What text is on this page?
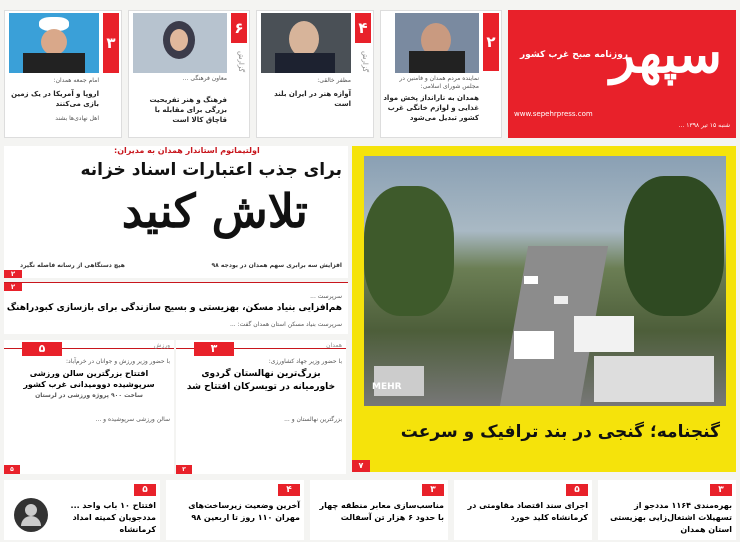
سپهر
روزنامه صبح غرب کشور
www.sepehrpress.com
شنبه ۱۵ تیر ۱۳۹۸ ...
۲
نماینده مردم همدان و فامنین در مجلس شورای اسلامی:
همدان به نارانداز پخش مواد غذایی و لوازم خانگی غرب کشور تبدیل می‌شود
۴
گزارش
مظفر خالقی:
آوازه هنر در ایران بلند است
۶
گزارش
معاون فرهنگی ...
فرهنگ و هنر تفریحیت بزرگی برای مقابله با قاچاق کالا است
۳
امام جمعه همدان:
اروپا و آمریکا در یک زمین بازی می‌کنند
اهل نهادی‌ها بشند
MEHR
گنجنامه؛ گنجی در بند ترافیک و سرعت
۷
اولتیماتوم استاندار همدان به مدیران:
برای جذب اعتبارات اسناد خزانه
تلاش کنید
افزایش سه برابری سهم همدان در بودجه ۹۸
هیچ دستگاهی از رسانه فاصله نگیرد
۲
۲
سرپرست ...
هم‌افزایی بنیاد مسکن، بهزیستی و بسیج سازندگی برای بازسازی کبودراهنگ
سرپرست بنیاد مسکن استان همدان گفت: ...
۳	همدان
با حضور وزیر جهاد کشاورزی:
بزرگ‌ترین نهالستان گردوی خاورمیانه در تویسرکان افتتاح شد
بزرگترین نهالستان و ...
۳
۵	ورزش
با حضور وزیر ورزش و جوانان در خرم‌آباد:
افتتاح بزرگترین سالن ورزشی سرپوشیده دوومیدانی غرب کشور
ساخت ۹۰۰ پروژه ورزشی در لرستان
سالن ورزشی سرپوشیده و ...
۵
۳
بهره‌مندی ۱۱۶۴ مددجو از تسهیلات اشتغال‌زایی بهزیستی استان همدان
۵
اجرای سند اقتصاد مقاومتی در کرمانشاه کلید خورد
۳
مناسب‌سازی معابر منطقه چهار با حدود ۶ هزار تن آسفالت
۴
آخرین وضعیت زیرساخت‌های مهران ۱۱۰ روز تا اربعین ۹۸
۵
افتتاح ۱۰ باب واحد ... مددجویان کمیته امداد کرمانشاه
